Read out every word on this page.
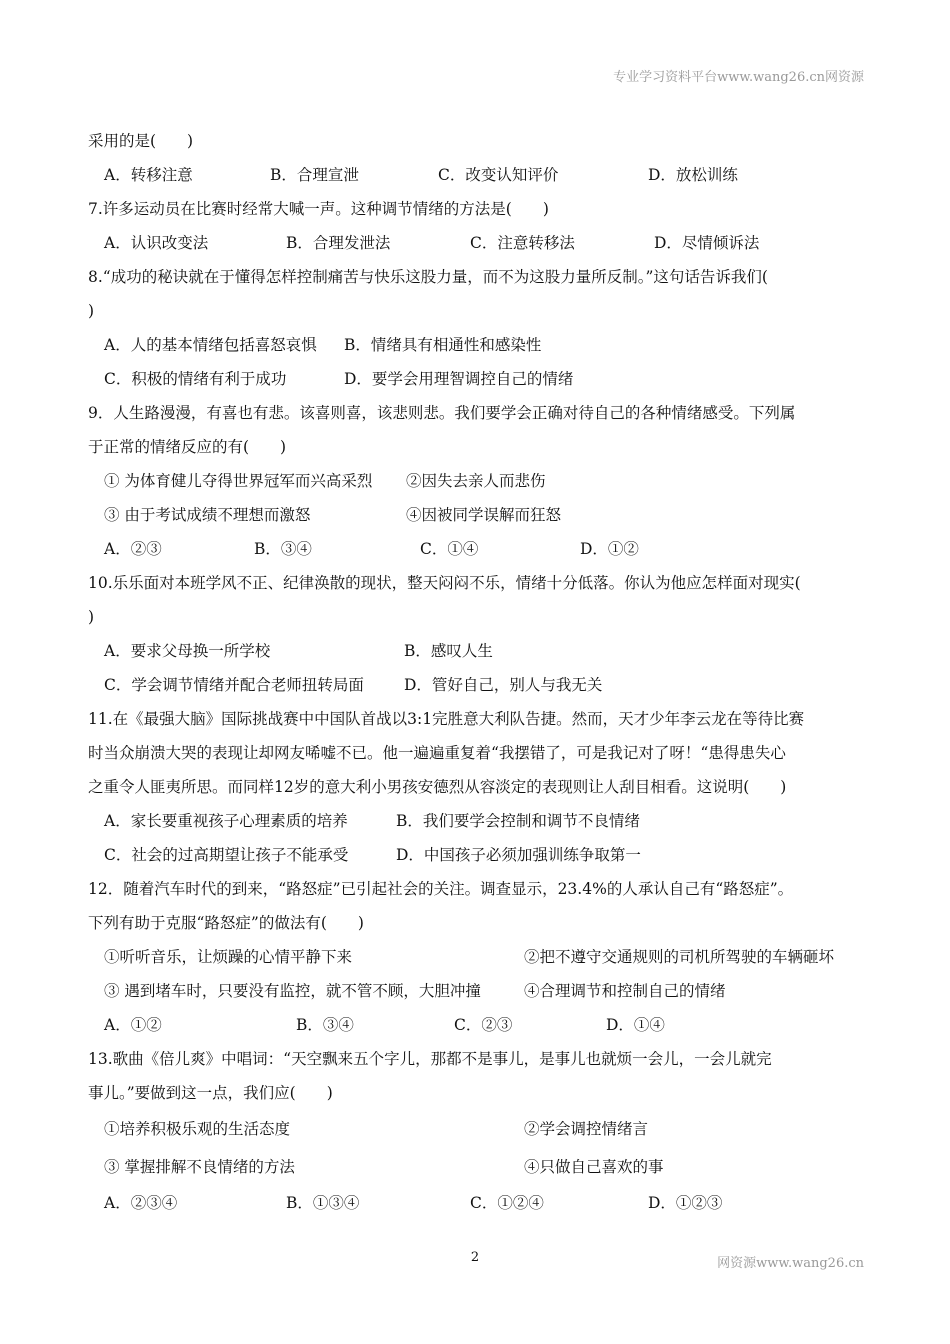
专业学习资料平台www.wang26.cn网资源
采用的是(　　)
A．转移注意	B．合理宣泄	C．改变认知评价	D．放松训练
7.许多运动员在比赛时经常大喊一声。这种调节情绪的方法是(　　)
A．认识改变法	B．合理发泄法	C．注意转移法	D．尽情倾诉法
8.“成功的秘诀就在于懂得怎样控制痛苦与快乐这股力量，而不为这股力量所反制。”这句话告诉我们(
)
A．人的基本情绪包括喜怒哀惧 B．情绪具有相通性和感染性
C．积极的情绪有利于成功	D．要学会用理智调控自己的情绪
9．人生路漫漫，有喜也有悲。该喜则喜，该悲则悲。我们要学会正确对待自己的各种情绪感受。下列属
于正常的情绪反应的有(　　)
① 为体育健儿夺得世界冠军而兴高采烈 ②因失去亲人而悲伤
③ 由于考试成绩不理想而激怒	④因被同学误解而狂怒
A．②③	B．③④	C．①④	D．①②
10.乐乐面对本班学风不正、纪律涣散的现状，整天闷闷不乐，情绪十分低落。你认为他应怎样面对现实(
)
A．要求父母换一所学校	B．感叹人生
C．学会调节情绪并配合老师扭转局面	D．管好自己，别人与我无关
11.在《最强大脑》国际挑战赛中中国队首战以3:1完胜意大利队告捷。然而，天才少年李云龙在等待比赛
时当众崩溃大哭的表现让却网友唏嘘不已。他一遍遍重复着“我摆错了，可是我记对了呀！“患得患失心
之重令人匪夷所思。而同样12岁的意大利小男孩安德烈从容淡定的表现则让人刮目相看。这说明(　　)
A．家长要重视孩子心理素质的培养	B．我们要学会控制和调节不良情绪
C．社会的过高期望让孩子不能承受	D．中国孩子必须加强训练争取第一
12．随着汽车时代的到来，“路怒症”已引起社会的关注。调查显示，23.4%的人承认自己有“路怒症”。
下列有助于克服“路怒症”的做法有(　　)
①听听音乐，让烦躁的心情平静下来	②把不遵守交通规则的司机所驾驶的车辆砸坏
③ 遇到堵车时，只要没有监控，就不管不顾，大胆冲撞	④合理调节和控制自己的情绪
A．①②	B．③④	C．②③	D．①④
13.歌曲《倍儿爽》中唱词：“天空飘来五个字儿，那都不是事儿，是事儿也就烦一会儿，一会儿就完
事儿。”要做到这一点，我们应(　　)
①培养积极乐观的生活态度	②学会调控情绪言
③ 掌握排解不良情绪的方法	④只做自己喜欢的事
A．②③④	B．①③④	C．①②④	D．①②③
2	网资源www.wang26.cn
